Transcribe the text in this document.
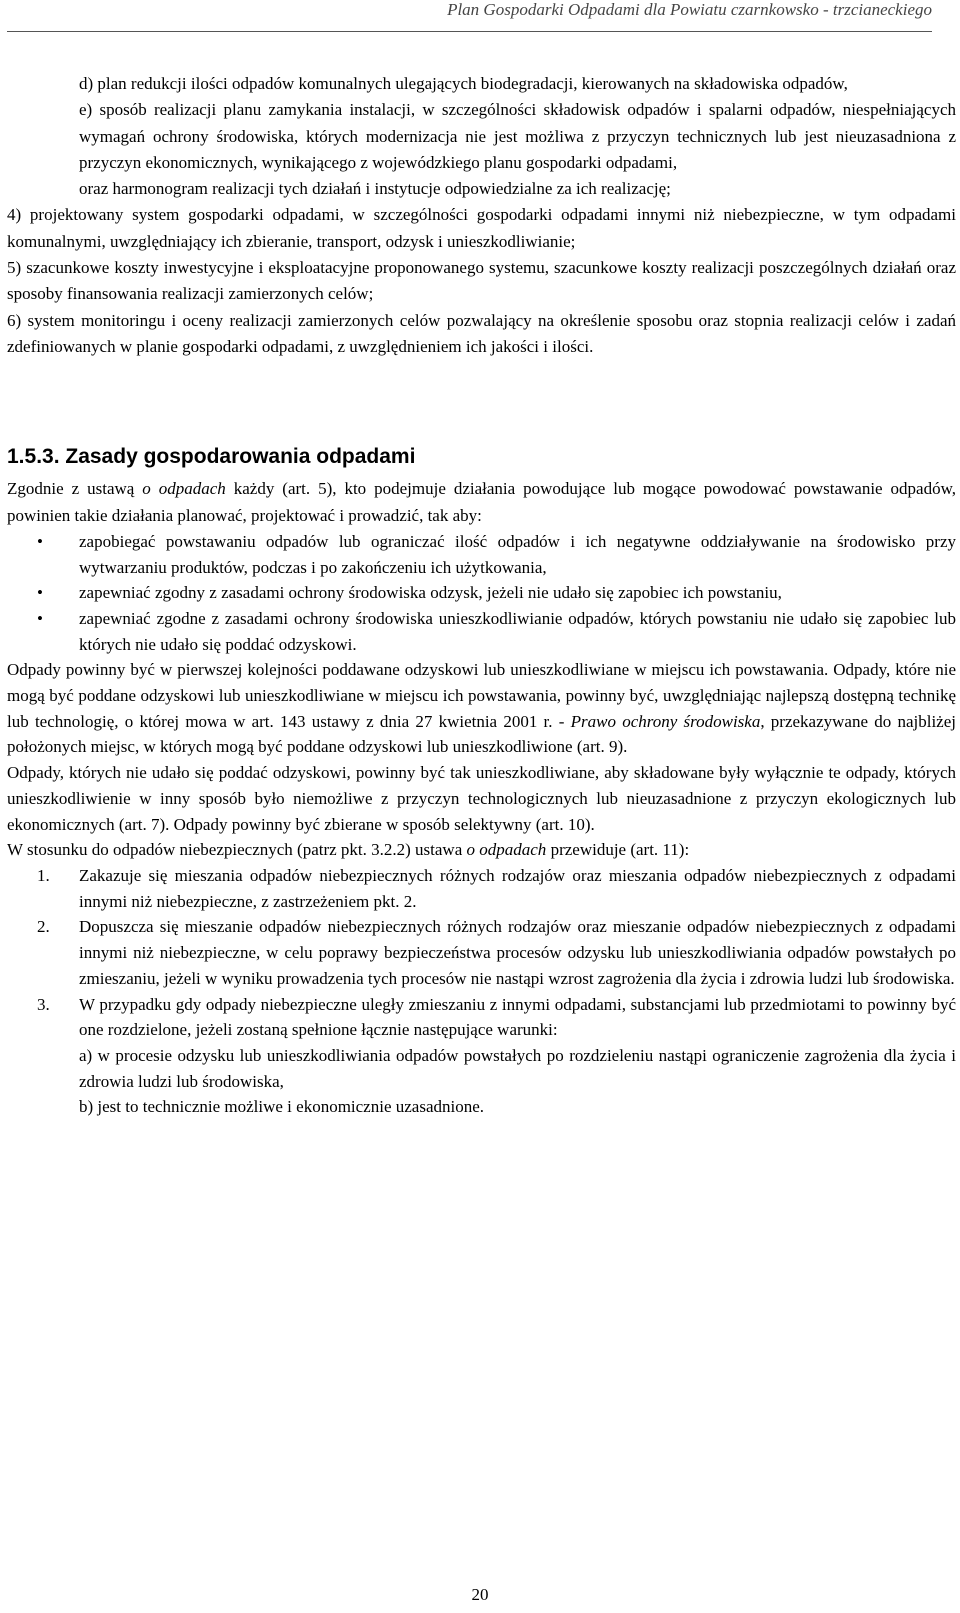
Plan Gospodarki Odpadami dla Powiatu czarnkowsko - trzcianeckiego

d) plan redukcji ilości odpadów komunalnych ulegających biodegradacji, kierowanych na składowiska odpadów,

e) sposób realizacji planu zamykania instalacji, w szczególności składowisk odpadów i spalarni odpadów, niespełniających wymagań ochrony środowiska, których modernizacja nie jest możliwa z przyczyn technicznych lub jest nieuzasadniona z przyczyn ekonomicznych, wynikającego z wojewódzkiego planu gospodarki odpadami,

oraz harmonogram realizacji tych działań i instytucje odpowiedzialne za ich realizację;

4) projektowany system gospodarki odpadami, w szczególności gospodarki odpadami innymi niż niebezpieczne, w tym odpadami komunalnymi, uwzględniający ich zbieranie, transport, odzysk i unieszkodliwianie;

5) szacunkowe koszty inwestycyjne i eksploatacyjne proponowanego systemu, szacunkowe koszty realizacji poszczególnych działań oraz sposoby finansowania realizacji zamierzonych celów;

6) system monitoringu i oceny realizacji zamierzonych celów pozwalający na określenie sposobu oraz stopnia realizacji celów i zadań zdefiniowanych w planie gospodarki odpadami, z uwzględnieniem ich jakości i ilości.

1.5.3. Zasady gospodarowania odpadami

Zgodnie z ustawą o odpadach każdy (art. 5), kto podejmuje działania powodujące lub mogące powodować powstawanie odpadów, powinien takie działania planować, projektować i prowadzić, tak aby:

• zapobiegać powstawaniu odpadów lub ograniczać ilość odpadów i ich negatywne oddziaływanie na środowisko przy wytwarzaniu produktów, podczas i po zakończeniu ich użytkowania,
• zapewniać zgodny z zasadami ochrony środowiska odzysk, jeżeli nie udało się zapobiec ich powstaniu,
• zapewniać zgodne z zasadami ochrony środowiska unieszkodliwianie odpadów, których powstaniu nie udało się zapobiec lub których nie udało się poddać odzyskowi.

Odpady powinny być w pierwszej kolejności poddawane odzyskowi lub unieszkodliwiane w miejscu ich powstawania. Odpady, które nie mogą być poddane odzyskowi lub unieszkodliwiane w miejscu ich powstawania, powinny być, uwzględniając najlepszą dostępną technikę lub technologię, o której mowa w art. 143 ustawy z dnia 27 kwietnia 2001 r. - Prawo ochrony środowiska, przekazywane do najbliżej położonych miejsc, w których mogą być poddane odzyskowi lub unieszkodliwione (art. 9).

Odpady, których nie udało się poddać odzyskowi, powinny być tak unieszkodliwiane, aby składowane były wyłącznie te odpady, których unieszkodliwienie w inny sposób było niemożliwe z przyczyn technologicznych lub nieuzasadnione z przyczyn ekologicznych lub ekonomicznych (art. 7). Odpady powinny być zbierane w sposób selektywny (art. 10).

W stosunku do odpadów niebezpiecznych (patrz pkt. 3.2.2) ustawa o odpadach przewiduje (art. 11):

1. Zakazuje się mieszania odpadów niebezpiecznych różnych rodzajów oraz mieszania odpadów niebezpiecznych z odpadami innymi niż niebezpieczne, z zastrzeżeniem pkt. 2.
2. Dopuszcza się mieszanie odpadów niebezpiecznych różnych rodzajów oraz mieszanie odpadów niebezpiecznych z odpadami innymi niż niebezpieczne, w celu poprawy bezpieczeństwa procesów odzysku lub unieszkodliwiania odpadów powstałych po zmieszaniu, jeżeli w wyniku prowadzenia tych procesów nie nastąpi wzrost zagrożenia dla życia i zdrowia ludzi lub środowiska.
3. W przypadku gdy odpady niebezpieczne uległy zmieszaniu z innymi odpadami, substancjami lub przedmiotami to powinny być one rozdzielone, jeżeli zostaną spełnione łącznie następujące warunki:

a) w procesie odzysku lub unieszkodliwiania odpadów powstałych po rozdzieleniu nastąpi ograniczenie zagrożenia dla życia i zdrowia ludzi lub środowiska,

b) jest to technicznie możliwe i ekonomicznie uzasadnione.

20
